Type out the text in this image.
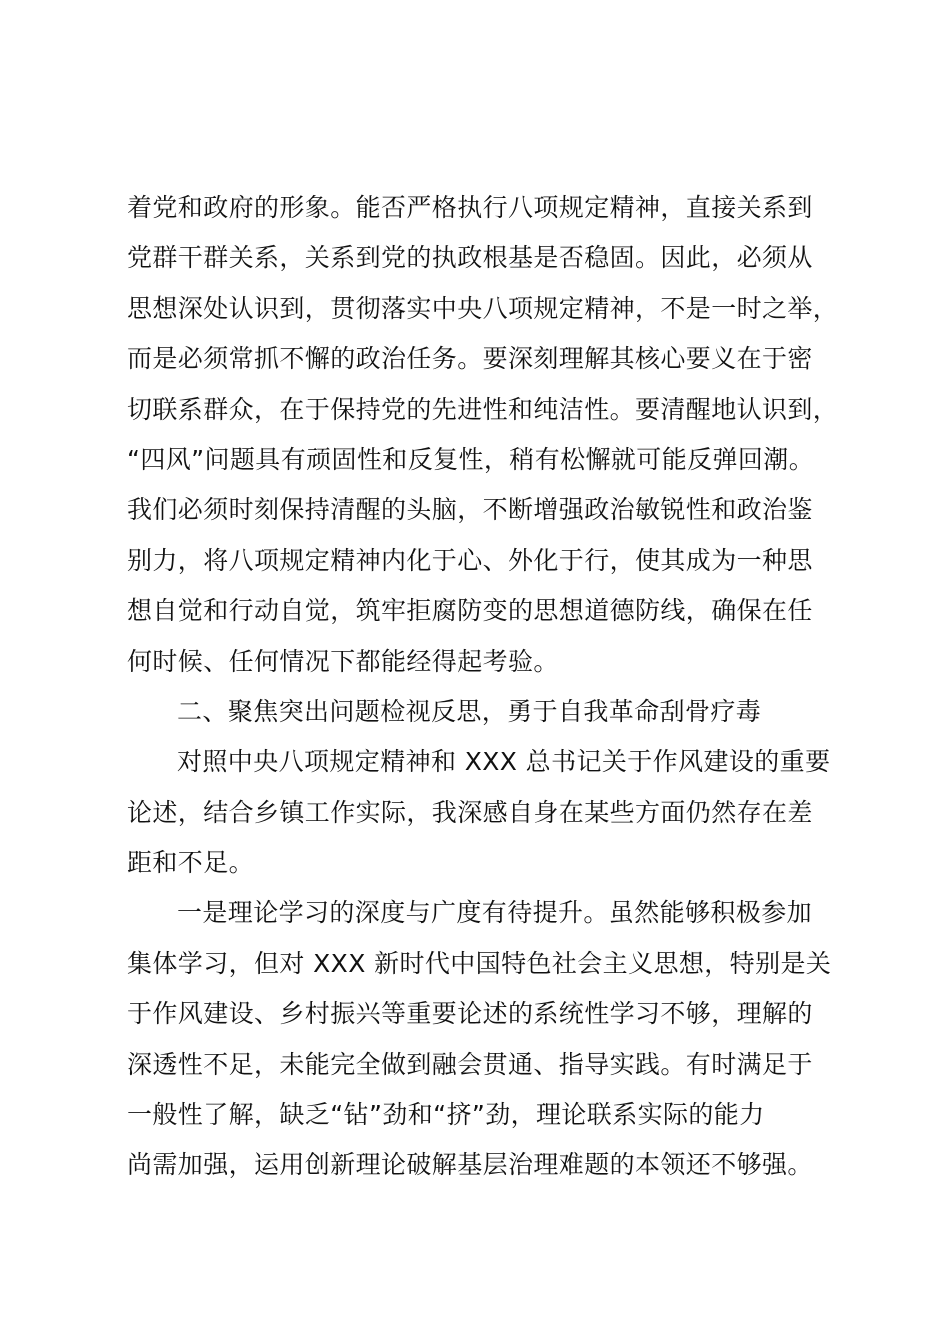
着党和政府的形象。能否严格执行八项规定精神，直接关系到
党群干群关系，关系到党的执政根基是否稳固。因此，必须从
思想深处认识到，贯彻落实中央八项规定精神，不是一时之举，
而是必须常抓不懈的政治任务。要深刻理解其核心要义在于密
切联系群众，在于保持党的先进性和纯洁性。要清醒地认识到，
“四风”问题具有顽固性和反复性，稍有松懈就可能反弹回潮。
我们必须时刻保持清醒的头脑，不断增强政治敏锐性和政治鉴
别力，将八项规定精神内化于心、外化于行，使其成为一种思
想自觉和行动自觉，筑牢拒腐防变的思想道德防线，确保在任
何时候、任何情况下都能经得起考验。
二、聚焦突出问题检视反思，勇于自我革命刮骨疗毒
对照中央八项规定精神和 XXX 总书记关于作风建设的重要
论述，结合乡镇工作实际，我深感自身在某些方面仍然存在差
距和不足。
一是理论学习的深度与广度有待提升。虽然能够积极参加
集体学习，但对 XXX 新时代中国特色社会主义思想，特别是关
于作风建设、乡村振兴等重要论述的系统性学习不够，理解的
深透性不足，未能完全做到融会贯通、指导实践。有时满足于
一般性了解，缺乏“钻”劲和“挤”劲，理论联系实际的能力
尚需加强，运用创新理论破解基层治理难题的本领还不够强。
